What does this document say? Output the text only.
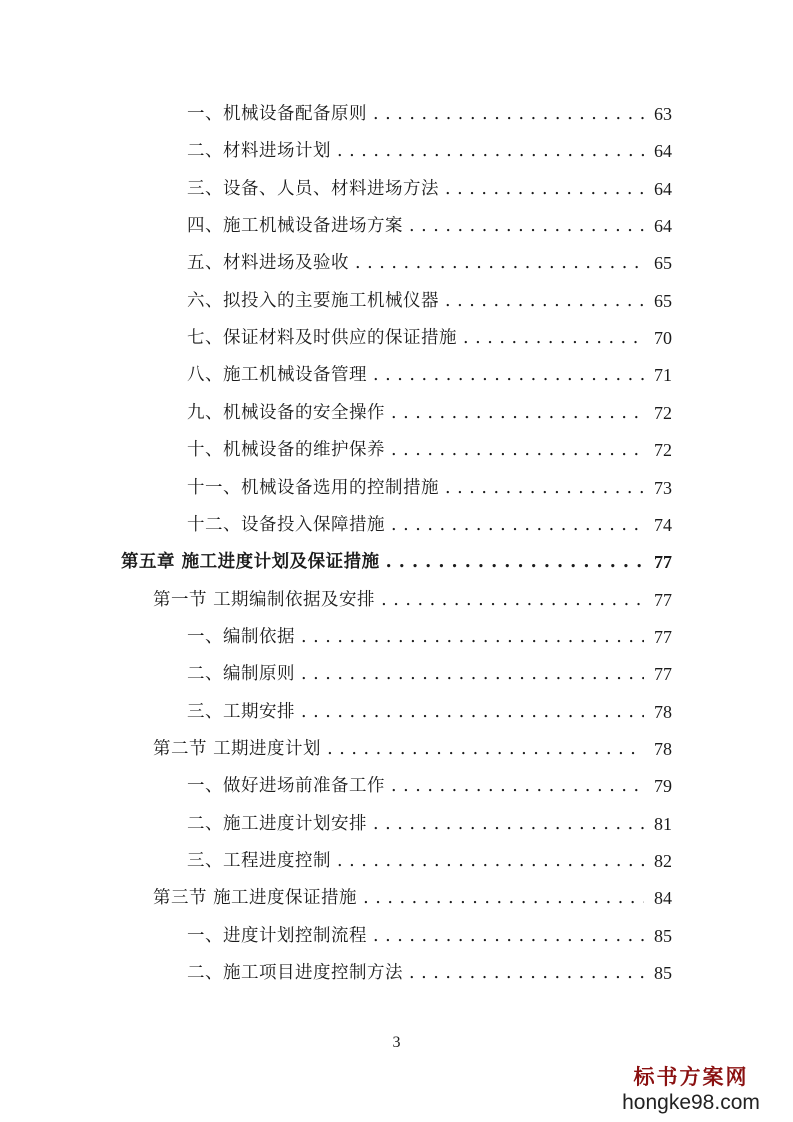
一、机械设备配备原则 . . .	63
二、材料进场计划 . . .	64
三、设备、人员、材料进场方法 . . .	64
四、施工机械设备进场方案 . . .	64
五、材料进场及验收 . . .	65
六、拟投入的主要施工机械仪器 . . .	65
七、保证材料及时供应的保证措施 . . .	70
八、施工机械设备管理 . . .	71
九、机械设备的安全操作 . . .	72
十、机械设备的维护保养 . . .	72
十一、机械设备选用的控制措施 . . .	73
十二、设备投入保障措施 . . .	74
第五章 施工进度计划及保证措施 . . .	77
第一节 工期编制依据及安排 . . .	77
一、编制依据 . . .	77
二、编制原则 . . .	77
三、工期安排 . . .	78
第二节 工期进度计划 . . .	78
一、做好进场前准备工作 . . .	79
二、施工进度计划安排 . . .	81
三、工程进度控制 . . .	82
第三节 施工进度保证措施 . . .	84
一、进度计划控制流程 . . .	85
二、施工项目进度控制方法 . . .	85
3
标书方案网
hongke98.com
